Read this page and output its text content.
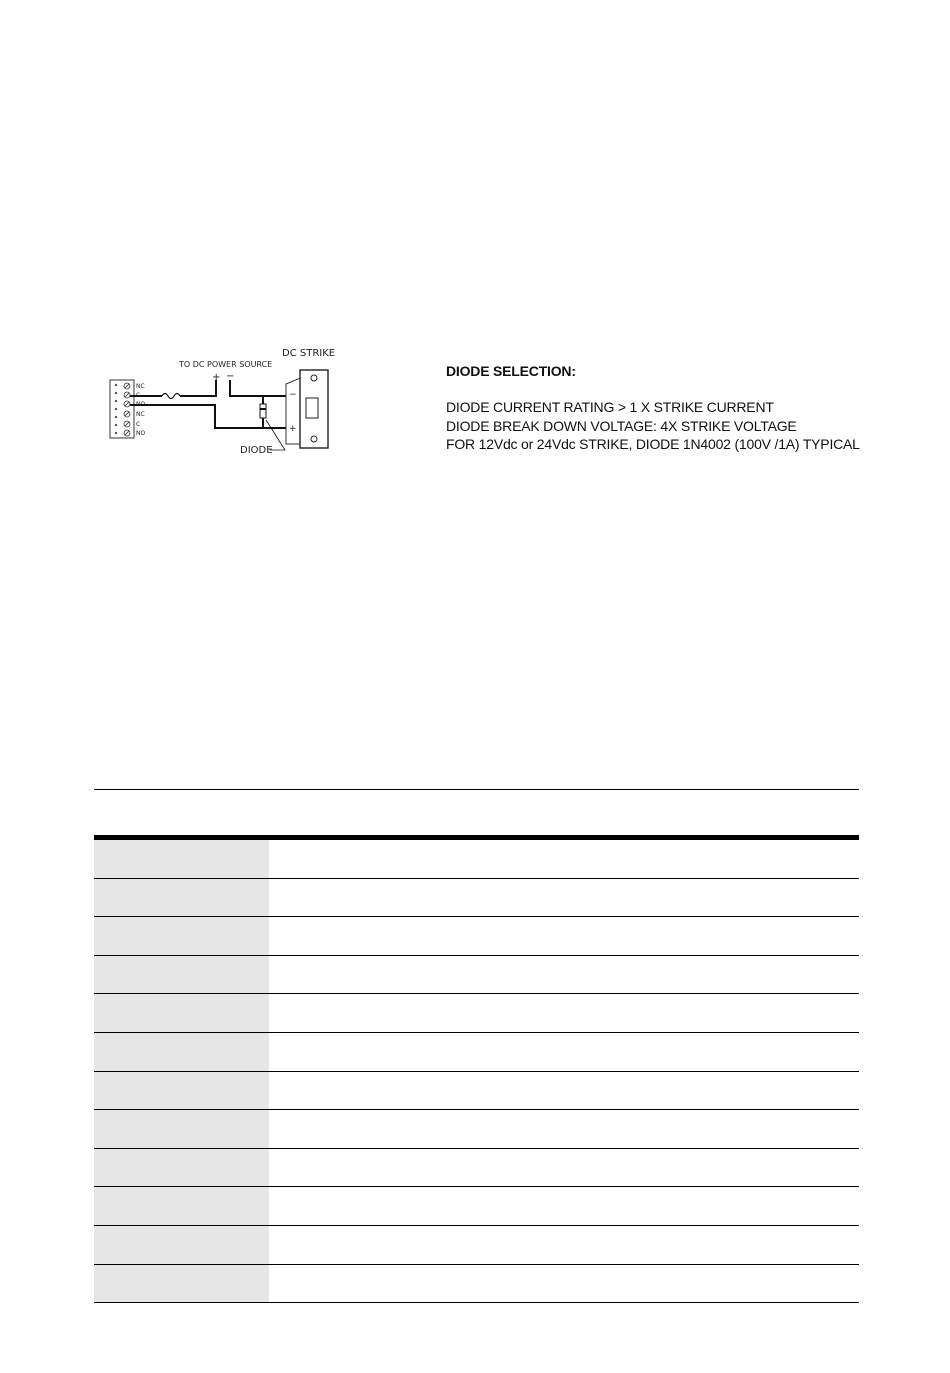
DC STRIKE
TO DC POWER SOURCE
+ −
NC
C
NO
NC
C
NO
DIODE
−
+

DIODE SELECTION:

DIODE CURRENT RATING > 1 X STRIKE CURRENT

DIODE BREAK DOWN VOLTAGE: 4X STRIKE VOLTAGE

FOR 12Vdc or 24Vdc STRIKE, DIODE 1N4002 (100V /1A) TYPICAL
